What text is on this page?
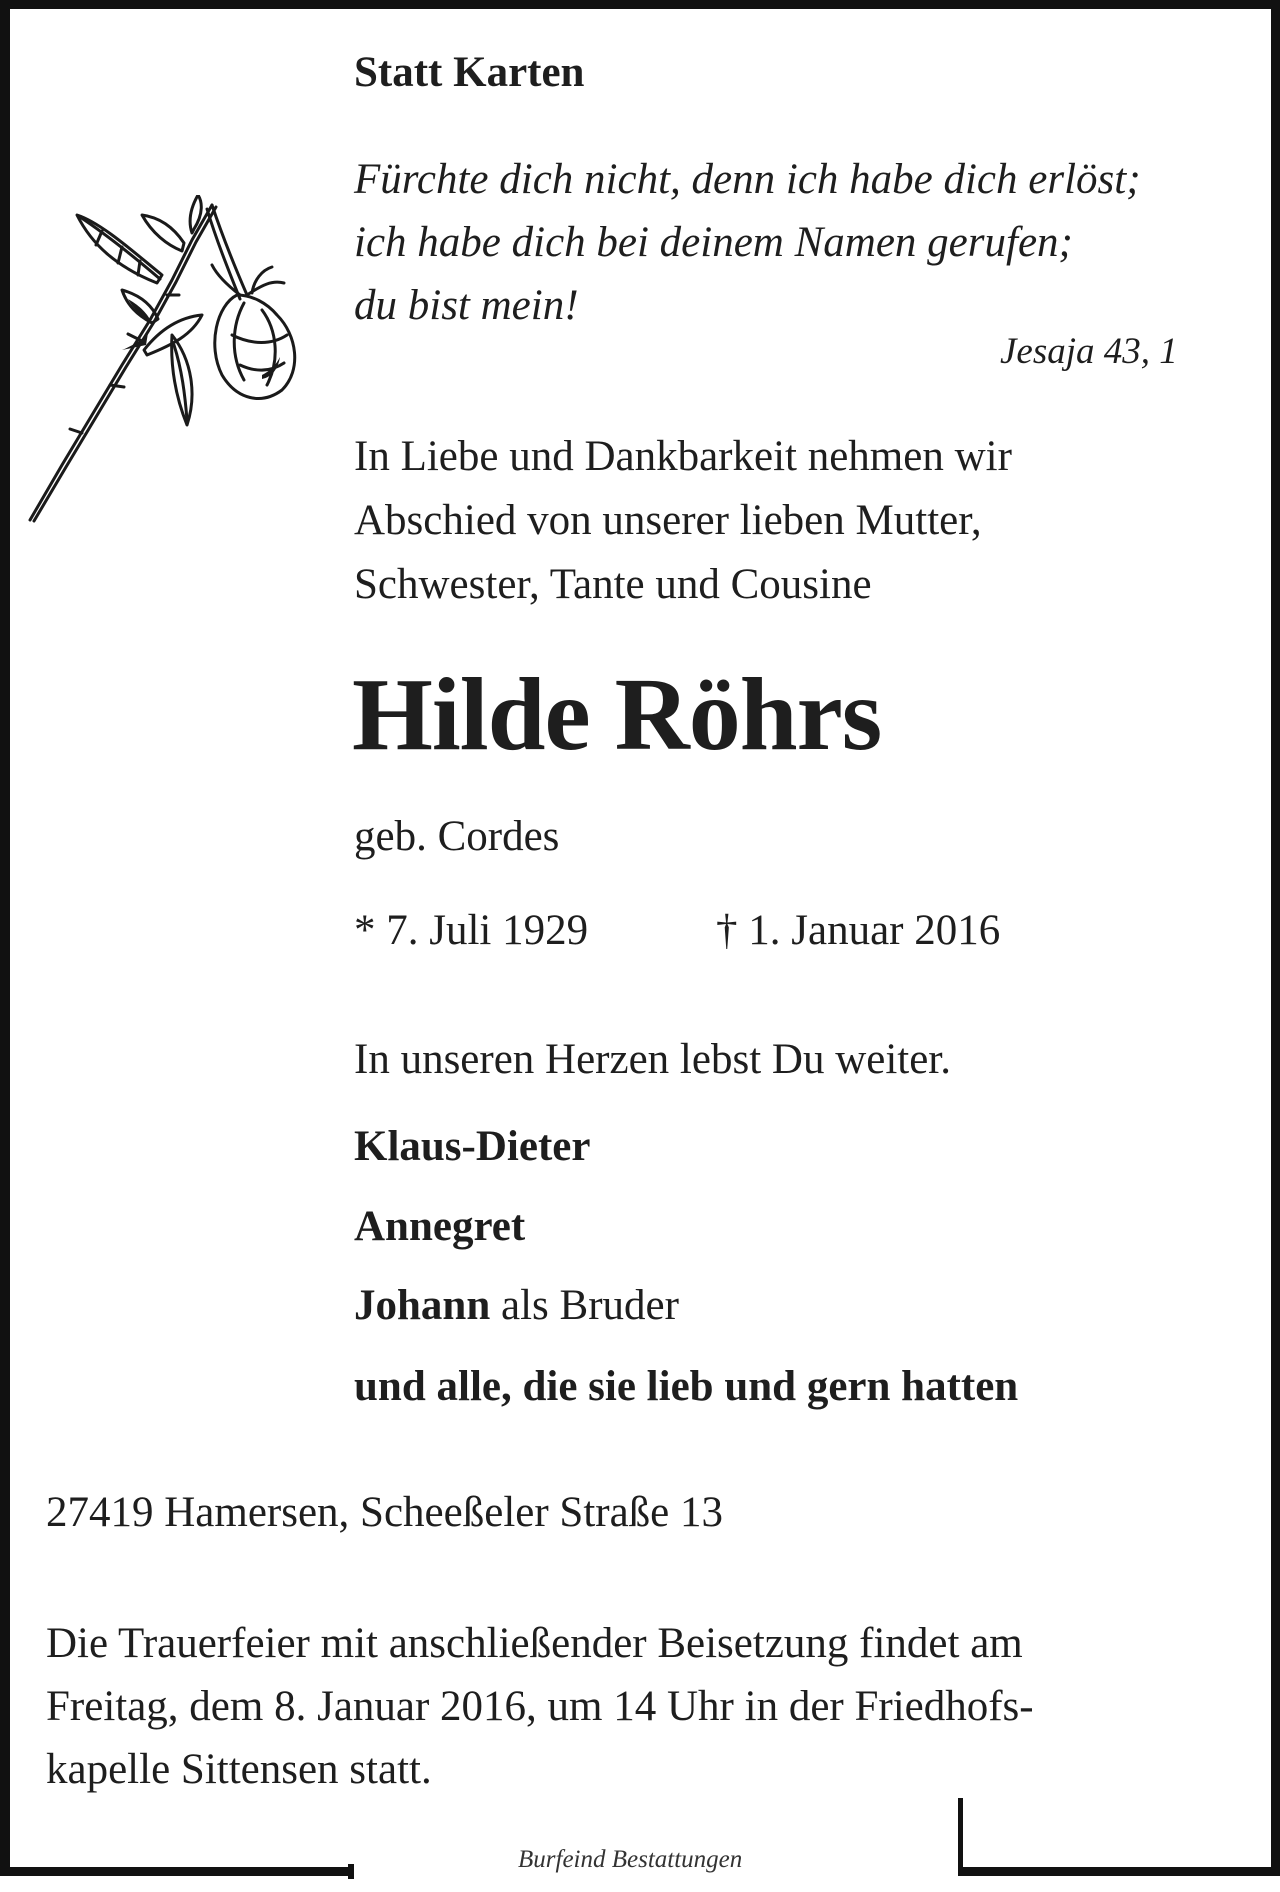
Statt Karten

Fürchte dich nicht, denn ich habe dich erlöst;
ich habe dich bei deinem Namen gerufen;
du bist mein!

Jesaja 43, 1

In Liebe und Dankbarkeit nehmen wir
Abschied von unserer lieben Mutter,
Schwester, Tante und Cousine

Hilde Röhrs

geb. Cordes

* 7. Juli 1929	† 1. Januar 2016

In unseren Herzen lebst Du weiter.

Klaus-Dieter

Annegret

Johann als Bruder

und alle, die sie lieb und gern hatten

27419 Hamersen, Scheeßeler Straße 13

Die Trauerfeier mit anschließender Beisetzung findet am
Freitag, dem 8. Januar 2016, um 14 Uhr in der Friedhofs-
kapelle Sittensen statt.

Burfeind Bestattungen
